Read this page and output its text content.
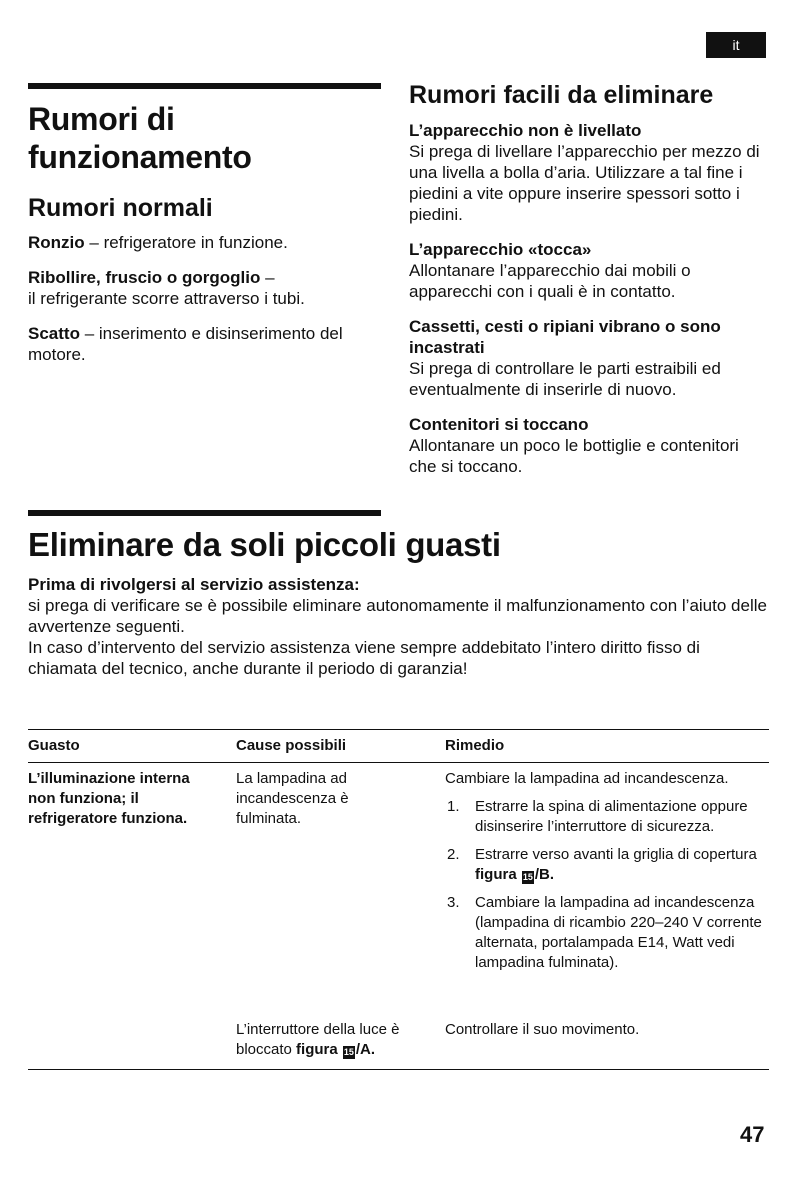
it
Rumori di funzionamento
Rumori normali

Ronzio – refrigeratore in funzione.

Ribollire, fruscio o gorgoglio –
il refrigerante scorre attraverso i tubi.

Scatto – inserimento e disinserimento del motore.

Rumori facili da eliminare
L’apparecchio non è livellato

Si prega di livellare l’apparecchio per mezzo di una livella a bolla d’aria. Utilizzare a tal fine i piedini a vite oppure inserire spessori sotto i piedini.

L’apparecchio «tocca»

Allontanare l’apparecchio dai mobili o apparecchi con i quali è in contatto.

Cassetti, cesti o ripiani vibrano o sono incastrati

Si prega di controllare le parti estraibili ed eventualmente di inserirle di nuovo.

Contenitori si toccano

Allontanare un poco le bottiglie e contenitori che si toccano.

Eliminare da soli piccoli guasti
Prima di rivolgersi al servizio assistenza:

si prega di verificare se è possibile eliminare autonomamente il malfunzionamento con l’aiuto delle avvertenze seguenti.

In caso d’intervento del servizio assistenza viene sempre addebitato l’intero diritto fisso di chiamata del tecnico, anche durante il periodo di garanzia!

Guasto	Cause possibili	Rimedio
L’illuminazione interna non funziona; il refrigeratore funziona.
La lampadina ad incandescenza è fulminata.
Cambiare la lampadina ad incandescenza.
1. Estrarre la spina di alimentazione oppure disinserire l’interruttore di sicurezza.
2. Estrarre verso avanti la griglia di copertura figura 15 /B.
3. Cambiare la lampadina ad incandescenza (lampadina di ricambio 220–240 V corrente alternata, portalampada E14, Watt vedi lampadina fulminata).
L’interruttore della luce è bloccato figura 15 /A.
Controllare il suo movimento.
47
